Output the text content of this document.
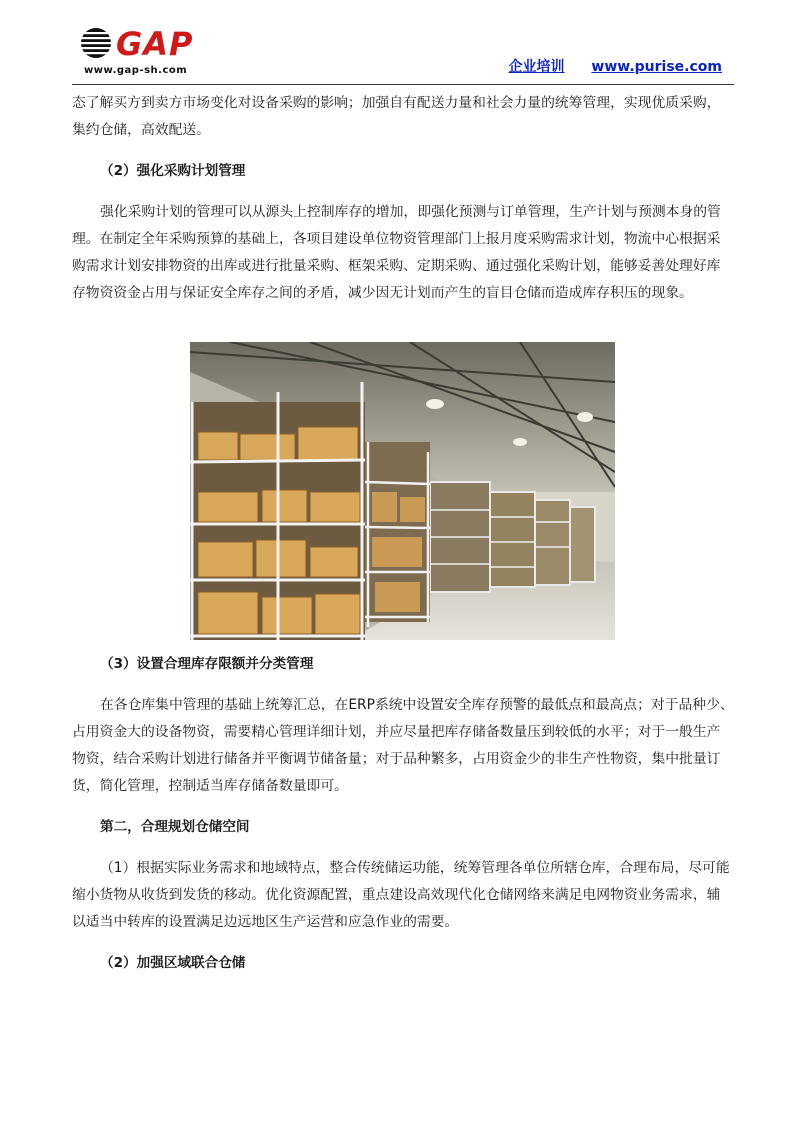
GAP
www.gap-sh.com	企业培训 www.purise.com

态了解买方到卖方市场变化对设备采购的影响；加强自有配送力量和社会力量的统筹管理，实现优质采购，集约仓储，高效配送。

（2）强化采购计划管理

强化采购计划的管理可以从源头上控制库存的增加，即强化预测与订单管理，生产计划与预测本身的管理。在制定全年采购预算的基础上，各项目建设单位物资管理部门上报月度采购需求计划，物流中心根据采购需求计划安排物资的出库或进行批量采购、框架采购、定期采购、通过强化采购计划，能够妥善处理好库存物资资金占用与保证安全库存之间的矛盾，减少因无计划而产生的盲目仓储而造成库存积压的现象。

（3）设置合理库存限额并分类管理

在各仓库集中管理的基础上统筹汇总，在ERP系统中设置安全库存预警的最低点和最高点；对于品种少、占用资金大的设备物资，需要精心管理详细计划，并应尽量把库存储备数量压到较低的水平；对于一般生产物资，结合采购计划进行储备并平衡调节储备量；对于品种繁多，占用资金少的非生产性物资，集中批量订货，简化管理，控制适当库存储备数量即可。

第二，合理规划仓储空间

（1）根据实际业务需求和地域特点，整合传统储运功能，统筹管理各单位所辖仓库，合理布局，尽可能缩小货物从收货到发货的移动。优化资源配置，重点建设高效现代化仓储网络来满足电网物资业务需求，辅以适当中转库的设置满足边远地区生产运营和应急作业的需要。

（2）加强区域联合仓储
